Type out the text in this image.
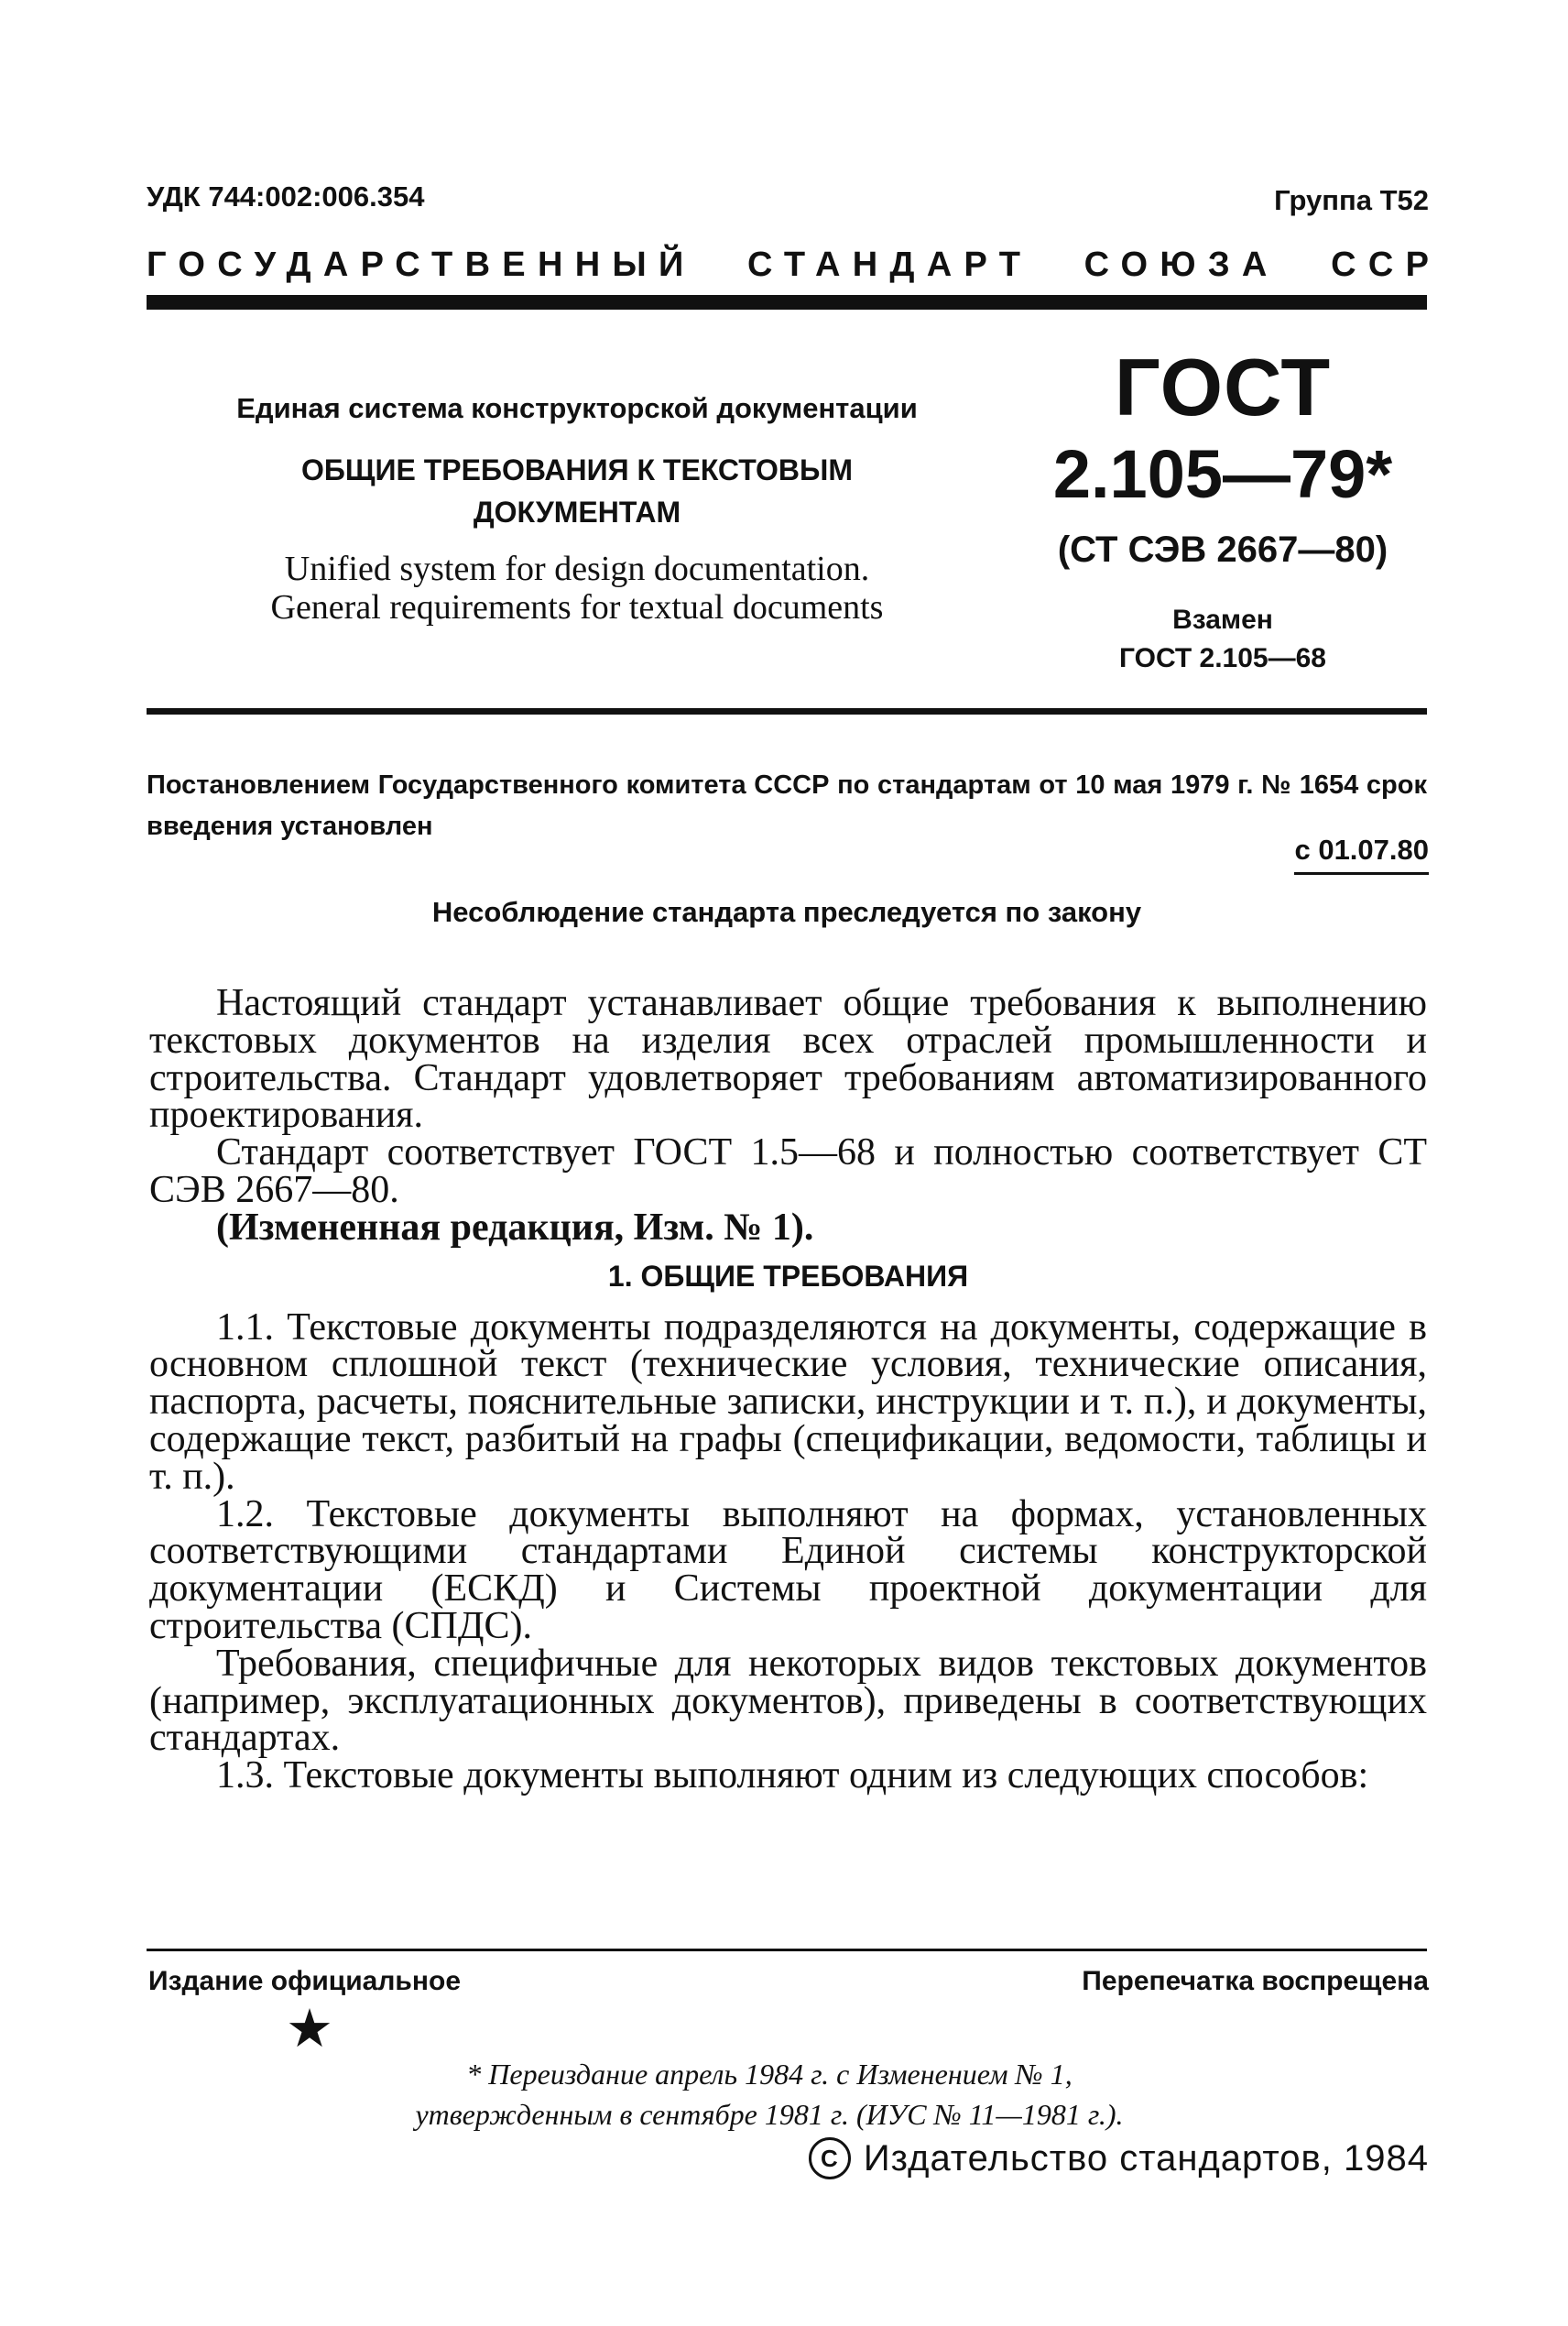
УДК 744:002:006.354	Группа Т52
ГОСУДАРСТВЕННЫЙ СТАНДАРТ СОЮЗА ССР
Единая система конструкторской документации
ОБЩИЕ ТРЕБОВАНИЯ К ТЕКСТОВЫМ
ДОКУМЕНТАМ
Unified system for design documentation.
General requirements for textual documents
ГОСТ
2.105—79*
(СТ СЭВ 2667—80)
Взамен
ГОСТ 2.105—68
Постановлением Государственного комитета СССР по стандартам от 10 мая 1979 г. № 1654 срок введения установлен
с 01.07.80
Несоблюдение стандарта преследуется по закону

Настоящий стандарт устанавливает общие требования к выполнению текстовых документов на изделия всех отраслей промышленности и строительства. Стандарт удовлетворяет требованиям автоматизированного проектирования.

Стандарт соответствует ГОСТ 1.5—68 и полностью соответствует СТ СЭВ 2667—80.

(Измененная редакция, Изм. № 1).

1. ОБЩИЕ ТРЕБОВАНИЯ

1.1. Текстовые документы подразделяются на документы, содержащие в основном сплошной текст (технические условия, технические описания, паспорта, расчеты, пояснительные записки, инструкции и т. п.), и документы, содержащие текст, разбитый на графы (спецификации, ведомости, таблицы и т. п.).

1.2. Текстовые документы выполняют на формах, установленных соответствующими стандартами Единой системы конструкторской документации (ЕСКД) и Системы проектной документации для строительства (СПДС).

Требования, специфичные для некоторых видов текстовых документов (например, эксплуатационных документов), приведены в соответствующих стандартах.

1.3. Текстовые документы выполняют одним из следующих способов:

Издание официальное	Перепечатка воспрещена
★
* Переиздание апрель 1984 г. с Изменением № 1,
утвержденным в сентябре 1981 г. (ИУС № 11—1981 г.).
C Издательство стандартов, 1984
